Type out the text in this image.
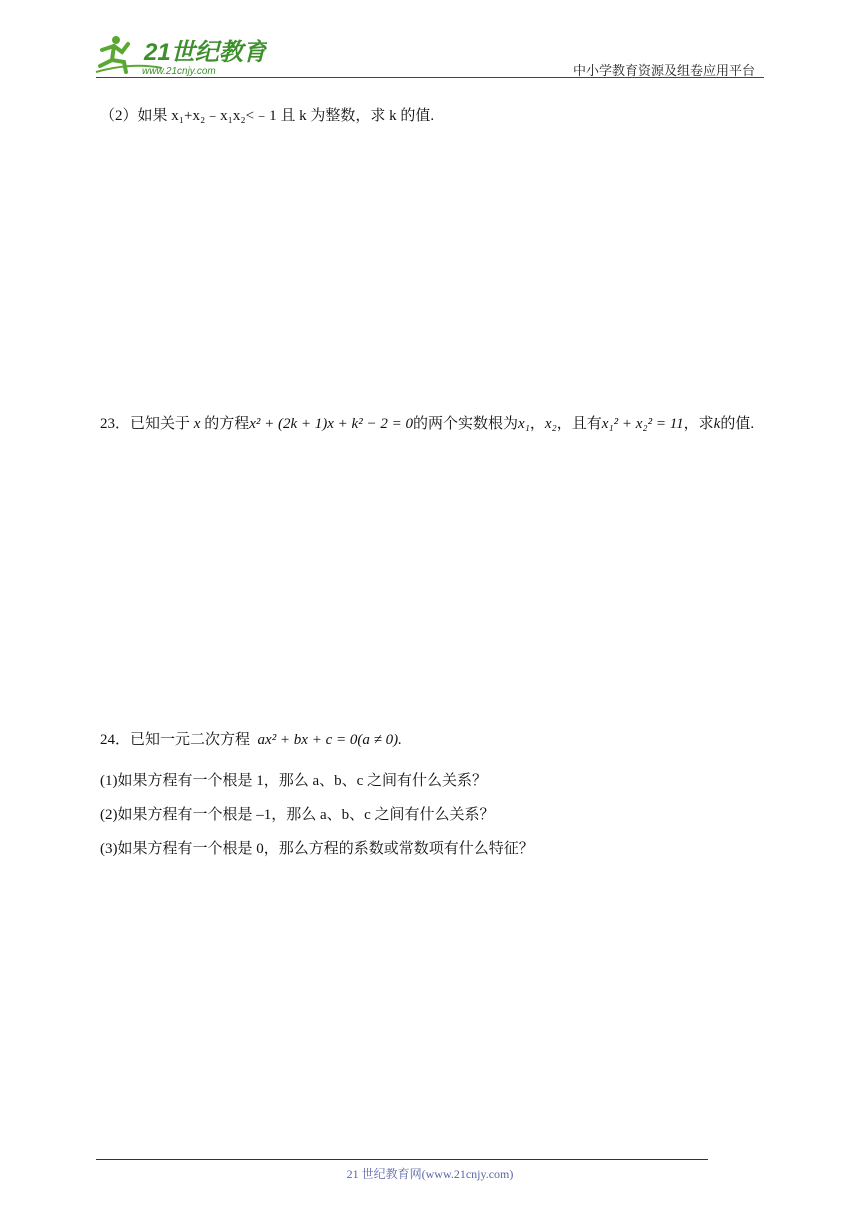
21世纪教育
www.21cnjy.com	中小学教育资源及组卷应用平台
（2）如果 x₁+x₂﹣x₁x₂<﹣1 且 k 为整数，求 k 的值.
23．已知关于 x 的方程x² + (2k + 1)x + k² − 2 = 0的两个实数根为x₁，x₂，且有x₁² + x₂² = 11，求k的值.
24．已知一元二次方程 ax² + bx + c = 0(a ≠ 0).
(1)如果方程有一个根是 1，那么 a、b、c 之间有什么关系？
(2)如果方程有一个根是 –1，那么 a、b、c 之间有什么关系？
(3)如果方程有一个根是 0，那么方程的系数或常数项有什么特征？
21 世纪教育网(www.21cnjy.com)
